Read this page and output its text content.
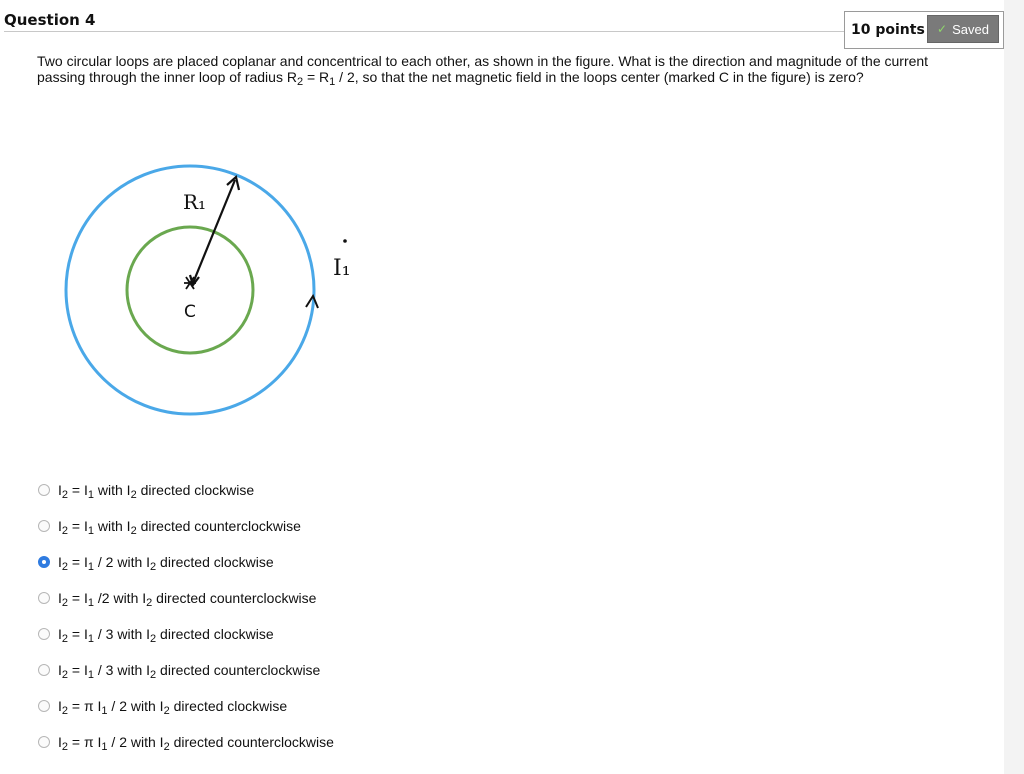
Question 4
10 points ✓ Saved
Two circular loops are placed coplanar and concentrical to each other, as shown in the figure. What is the direction and magnitude of the current passing through the inner loop of radius $R_2 = R_1 / 2$, so that the net magnetic field in the loops center (marked C in the figure) is zero?
R₁
I₁
C
$I_2 = I_1$ with $I_2$ directed clockwise
$I_2 = I_1$ with $I_2$ directed counterclockwise
$I_2 = I_1 / 2$ with $I_2$ directed clockwise
$I_2 = I_1$ /2 with $I_2$ directed counterclockwise
$I_2 = I_1 / 3$ with $I_2$ directed clockwise
$I_2 = I_1 / 3$ with $I_2$ directed counterclockwise
$I_2 = \pi$ $I_1 / 2$ with $I_2$ directed clockwise
$I_2 = \pi$ $I_1 / 2$ with $I_2$ directed counterclockwise
